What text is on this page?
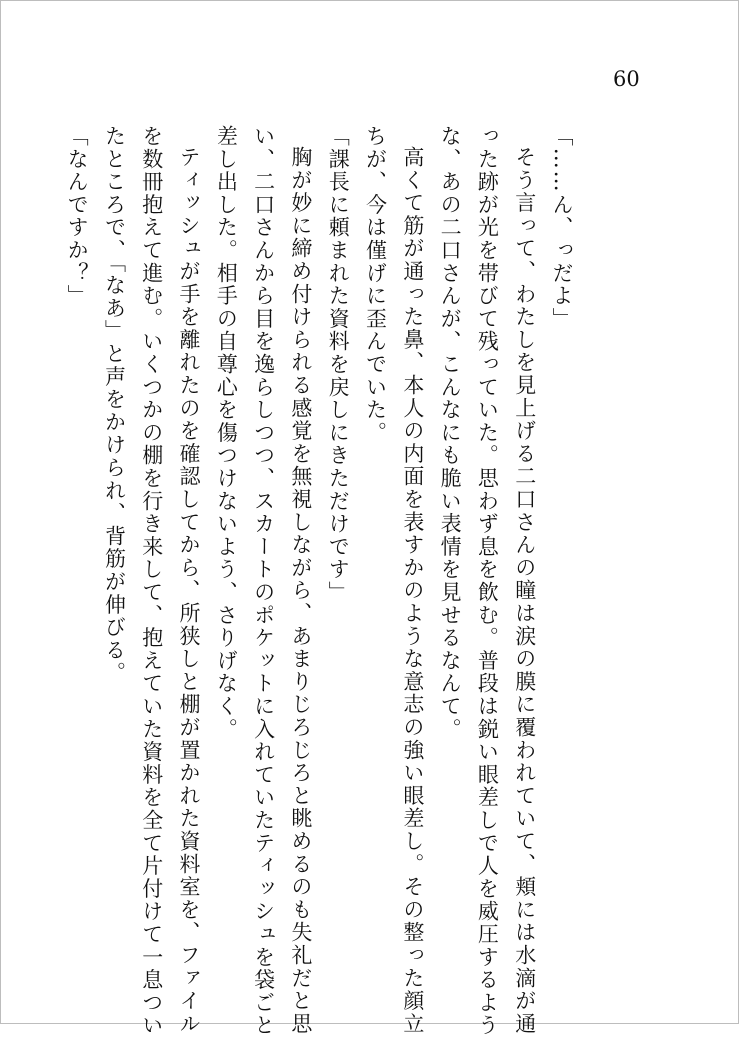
60
「……ん、っだよ」
そう言って、わたしを見上げる二口さんの瞳は涙の膜に覆われていて、頬には水滴が通
った跡が光を帯びて残っていた。思わず息を飲む。普段は鋭い眼差しで人を威圧するよう
な、あの二口さんが、こんなにも脆い表情を見せるなんて。
高くて筋が通った鼻、本人の内面を表すかのような意志の強い眼差し。その整った顔立
ちが、今は僅げに歪んでいた。
「課長に頼まれた資料を戻しにきただけです」
胸が妙に締め付けられる感覚を無視しながら、あまりじろじろと眺めるのも失礼だと思
い、二口さんから目を逸らしつつ、スカートのポケットに入れていたティッシュを袋ごと
差し出した。相手の自尊心を傷つけないよう、さりげなく。
ティッシュが手を離れたのを確認してから、所狭しと棚が置かれた資料室を、ファイル
を数冊抱えて進む。いくつかの棚を行き来して、抱えていた資料を全て片付けて一息つい
たところで、「なあ」と声をかけられ、背筋が伸びる。
「なんですか？」
